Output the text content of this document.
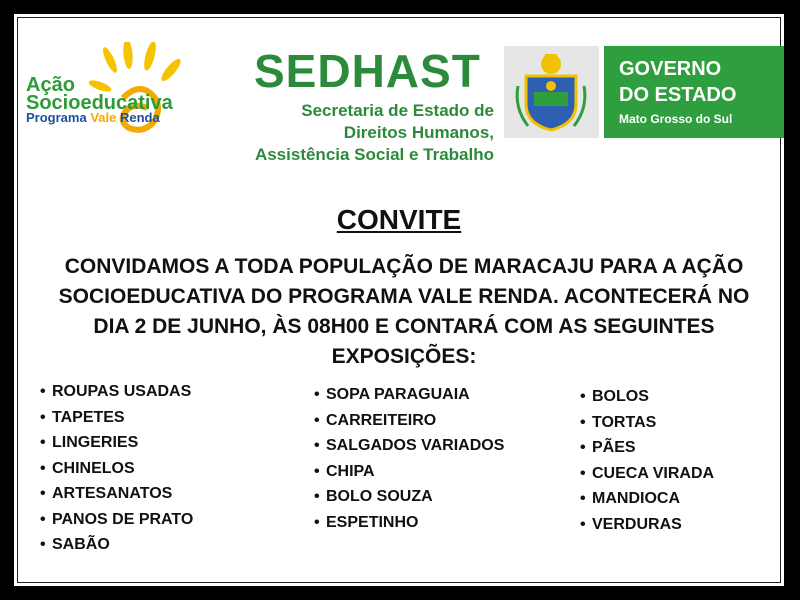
Ação
Socioeducativa
Programa Vale Renda
SEDHAST
Secretaria de Estado de
Direitos Humanos,
Assistência Social e Trabalho
GOVERNO
DO ESTADO
Mato Grosso do Sul
CONVITE
CONVIDAMOS A TODA POPULAÇÃO DE MARACAJU PARA A AÇÃO SOCIOEDUCATIVA DO PROGRAMA VALE RENDA. ACONTECERÁ NO DIA 2 DE JUNHO, ÀS 08H00 E CONTARÁ COM AS SEGUINTES EXPOSIÇÕES:
• ROUPAS USADAS
• TAPETES
• LINGERIES
• CHINELOS
• ARTESANATOS
• PANOS DE PRATO
• SABÃO
• SOPA PARAGUAIA
• CARREITEIRO
• SALGADOS VARIADOS
• CHIPA
• BOLO SOUZA
• ESPETINHO
• BOLOS
• TORTAS
• PÃES
• CUECA VIRADA
• MANDIOCA
• VERDURAS
